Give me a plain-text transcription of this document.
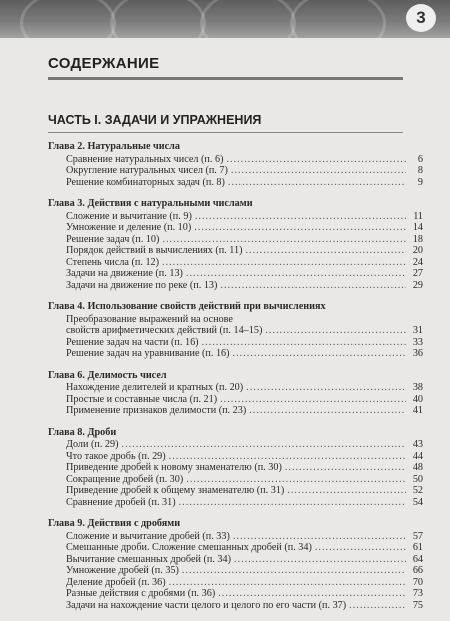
3
СОДЕРЖАНИЕ
ЧАСТЬ I. ЗАДАЧИ И УПРАЖНЕНИЯ
Глава 2. Натуральные числа
Сравнение натуральных чисел (п. 6) .....	6
Округление натуральных чисел (п. 7) .....	8
Решение комбинаторных задач (п. 8) .....	9
Глава 3. Действия с натуральными числами
Сложение и вычитание (п. 9) .....	11
Умножение и деление (п. 10) .....	14
Решение задач (п. 10) .....	18
Порядок действий в вычислениях (п. 11) .....	20
Степень числа (п. 12) .....	24
Задачи на движение (п. 13) .....	27
Задачи на движение по реке (п. 13) .....	29
Глава 4. Использование свойств действий при вычислениях
Преобразование выражений на основе
свойств арифметических действий (п. 14–15) .....	31
Решение задач на части (п. 16) .....	33
Решение задач на уравнивание (п. 16) .....	36
Глава 6. Делимость чисел
Нахождение делителей и кратных (п. 20) .....	38
Простые и составные числа (п. 21) .....	40
Применение признаков делимости (п. 23) .....	41
Глава 8. Дроби
Доли (п. 29) .....	43
Что такое дробь (п. 29) .....	44
Приведение дробей к новому знаменателю (п. 30) .....	48
Сокращение дробей (п. 30) .....	50
Приведение дробей к общему знаменателю (п. 31) .....	52
Сравнение дробей (п. 31) .....	54
Глава 9. Действия с дробями
Сложение и вычитание дробей (п. 33) .....	57
Смешанные дроби. Сложение смешанных дробей (п. 34) .....	61
Вычитание смешанных дробей (п. 34) .....	64
Умножение дробей (п. 35) .....	66
Деление дробей (п. 36) .....	70
Разные действия с дробями (п. 36) .....	73
Задачи на нахождение части целого и целого по его части (п. 37) .....	75
